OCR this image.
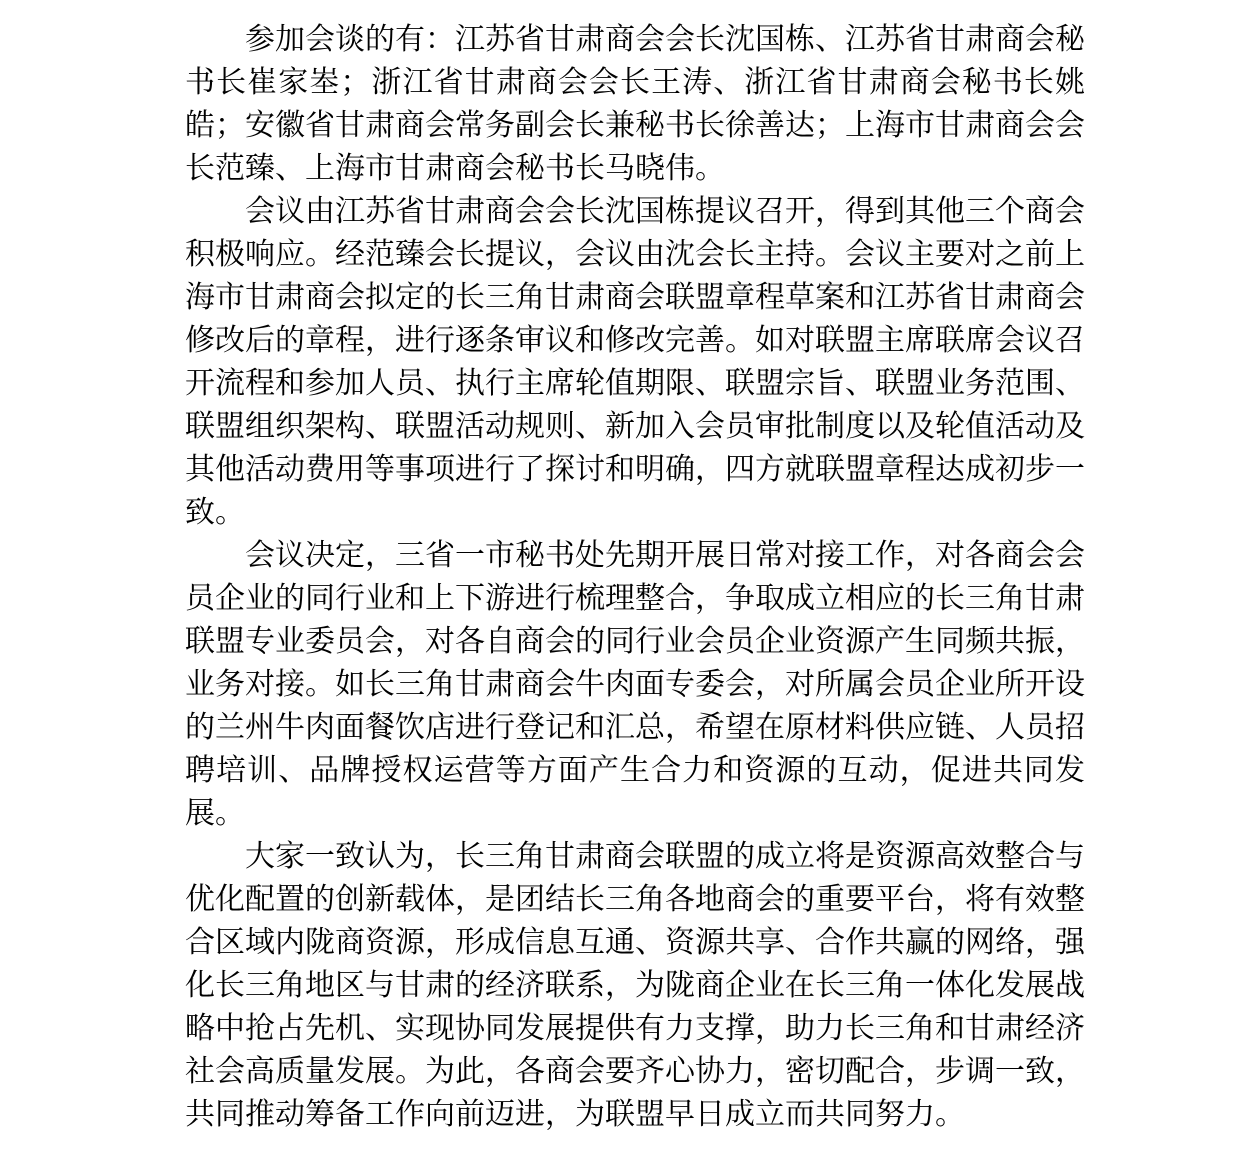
参加会谈的有：江苏省甘肃商会会长沈国栋、江苏省甘肃商会秘书长崔家峚；浙江省甘肃商会会长王涛、浙江省甘肃商会秘书长姚皓；安徽省甘肃商会常务副会长兼秘书长徐善达；上海市甘肃商会会长范臻、上海市甘肃商会秘书长马晓伟。

会议由江苏省甘肃商会会长沈国栋提议召开，得到其他三个商会积极响应。经范臻会长提议，会议由沈会长主持。会议主要对之前上海市甘肃商会拟定的长三角甘肃商会联盟章程草案和江苏省甘肃商会修改后的章程，进行逐条审议和修改完善。如对联盟主席联席会议召开流程和参加人员、执行主席轮值期限、联盟宗旨、联盟业务范围、联盟组织架构、联盟活动规则、新加入会员审批制度以及轮值活动及其他活动费用等事项进行了探讨和明确，四方就联盟章程达成初步一致。

会议决定，三省一市秘书处先期开展日常对接工作，对各商会会员企业的同行业和上下游进行梳理整合，争取成立相应的长三角甘肃联盟专业委员会，对各自商会的同行业会员企业资源产生同频共振，业务对接。如长三角甘肃商会牛肉面专委会，对所属会员企业所开设的兰州牛肉面餐饮店进行登记和汇总，希望在原材料供应链、人员招聘培训、品牌授权运营等方面产生合力和资源的互动，促进共同发展。

大家一致认为，长三角甘肃商会联盟的成立将是资源高效整合与优化配置的创新载体，是团结长三角各地商会的重要平台，将有效整合区域内陇商资源，形成信息互通、资源共享、合作共赢的网络，强化长三角地区与甘肃的经济联系，为陇商企业在长三角一体化发展战略中抢占先机、实现协同发展提供有力支撑，助力长三角和甘肃经济社会高质量发展。为此，各商会要齐心协力，密切配合，步调一致，共同推动筹备工作向前迈进，为联盟早日成立而共同努力。
